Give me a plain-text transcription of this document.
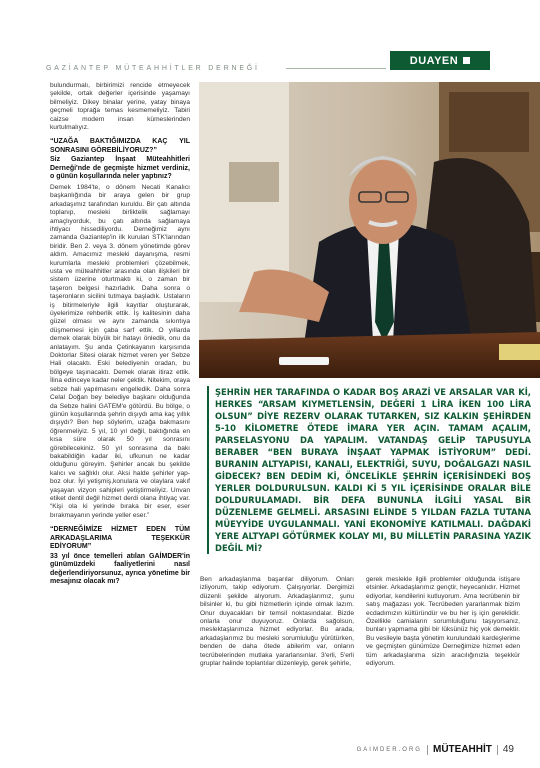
GAZİANTEP MÜTEAHHİTLER DERNEĞİ
DUAYEN

bulundurmalı, birbirimizi rencide etmeyecek şekilde, ortak değerler içerisinde yaşamayı bilmeliyiz. Dikey binalar yerine, yatay binaya geçmeli toprağa temas kesmemeliyiz. Tabiri caizse modern insan kümeslerinden kurtulmalıyız.

“UZAĞA BAKTIĞIMIZDA KAÇ YIL SONRASINI GÖREBİLİYORUZ?”
Siz Gaziantep İnşaat Müteahhitleri Derneği'nde de geçmişte hizmet verdiniz, o günün koşullarında neler yaptınız?

Demek 1984'te, o dönem Necati Kanalıcı başkanlığında bir araya gelen bir grup arkadaşımız tarafından kuruldu. Bir çatı altında toplanıp, mesleki birliktelik sağlamayı amaçlıyorduk, bu çatı altında sağlamaya ihtiyacı hissediliyordu. Derneğimiz aynı zamanda Gaziantep'in ilk kurulan STK'larından biridir. Ben 2. veya 3. dönem yönetimde görev aldım. Amacımız mesleki dayanışma, resmi kurumlarla mesleki problemleri çözebilmek, usta ve müteahhitler arasında olan ilişkileri bir sistem üzerine oturtmaktı ki, o zaman bir taşeron belgesi hazırladık. Daha sonra o taşeronların sicilini tutmaya başladık. Ustaların iş bitirmeleriyle ilgili kayıtlar oluşturarak, üyelerimize rehberlik ettik. İş kalitesinin daha güzel olması ve aynı zamanda sıkıntıya düşmemesi için çaba sarf ettik. O yıllarda demek olarak büyük bir hatayı önledik, onu da anlatayım. Şu anda Çetinkayanın karşısında Doktorlar Sitesi olarak hizmet veren yer Sebze Hali olacaktı. Eski belediyenin oradan, bu bölgeye taşınacaktı. Demek olarak itiraz ettik. İlina edinceye kadar neler çektik. Nitekim, oraya sebze hali yapılmasını engelledik. Daha sonra Celal Doğan bey belediye başkanı olduğunda da Sebze halini GATEM'e götürdü. Bu bölge, o günün koşullarında şehrin dışıydı ama kaç yıllık dışıydı? Ben hep söylerim, uzağa bakmasını öğrenmeliyiz. 5 yıl, 10 yıl değil, baktığında en kısa süre olarak 50 yıl sonrasını görebilecekiniz. 50 yıl sonrasına da bakı bakabildiğin kadar iki, ufkunun ne kadar olduğunu göreyim. Şehirler ancak bu şekilde kalıcı ve sağlıklı olur. Aksi halde şehirler yap-boz olur. İyi yetişmiş,konulara ve olaylara vakıf yaşayan vizyon sahipleri yetiştirmeliyiz. Unvan etiket dentil değil hizmet derdi olana ihtiyaç var. “Kişi ola ki yerinde bıraka bir eser, eser bırakmayanın yerinde yeller eser.”

“DERNEĞİMİZE HİZMET EDEN TÜM ARKADAŞLARIMA TEŞEKKÜR EDİYORUM”
33 yıl önce temelleri atılan GAİMDER'in günümüzdeki faaliyetlerini nasıl değerlendiriyorsunuz, ayrıca yönetime bir mesajınız olacak mı?
ŞEHRİN HER TARAFINDA O KADAR BOŞ ARAZİ VE ARSALAR VAR Kİ, HERKES “ARSAM KIYMETLENSİN, DEĞERİ 1 LİRA İKEN 100 LİRA OLSUN” DİYE REZERV OLARAK TUTARKEN, SIZ KALKIN ŞEHİRDEN 5-10 KİLOMETRE ÖTEDE İMARA YER AÇIN. TAMAM AÇALIM, PARSELASYONU DA YAPALIM. VATANDAŞ GELİP TAPUSUYLA BERABER “BEN BURAYA İNŞAAT YAPMAK İSTİYORUM” DEDİ. BURANIN ALTYAPISI, KANALI, ELEKTRİĞİ, SUYU, DOĞALGAZI NASIL GİDECEK? BEN DEDİM Kİ, ÖNCELİKLE ŞEHRİN İÇERİSİNDEKİ BOŞ YERLER DOLDURULSUN. KALDI Kİ 5 YIL İÇERİSİNDE ORALAR BİLE DOLDURULAMADI. BİR DEFA BUNUNLA İLGİLİ YASAL BİR DÜZENLEME GELMELİ. ARSASINI ELİNDE 5 YILDAN FAZLA TUTANA MÜEYYİDE UYGULANMALI. YANİ EKONOMİYE KATILMALI. DAĞDAKİ YERE ALTYAPI GÖTÜRMEK KOLAY MI, BU MİLLETİN PARASINA YAZIK DEĞİL Mİ?
Ben arkadaşlarıma başarılar diliyorum. Onları izliyorum, takip ediyorum. Çalışıyorlar. Dergimizi düzenli şekilde alıyorum. Arkadaşlarımız, şunu bilsinler ki, bu gibi hizmetlerin içinde olmak lazım. Onur duyacakları bir temsil noktasındalar. Bizde onlarla onur duyuyoruz. Onlarda sağolsun, meslektaşlarımıza hizmet ediyorlar. Bu arada, arkadaşlarımız bu mesleki sorumluluğu yürütürken, benden de daha ötede abilerim var, onların tecrübelerinden mutlaka yararlansınlar. 3'erli, 5'erli gruplar halinde toplantılar düzenleyip, gerek şehirle,
gerek meslekle ilgili problemler olduğunda istişare etsinler. Arkadaşlarımız gençtir, heyecanlıdır. Hizmet ediyorlar, kendilerini kutluyorum. Ama tecrübenin bir satış mağazası yok. Tecrübeden yararlanmak bizim ecdadımızın kültüründür ve bu her iş için gereklidir. Özellikle camiaların sorumluluğunu taşıyorsanız, bunları yapmama gibi bir lüksünüz hiç yok demektir. Bu vesileyle başta yönetim kurulundaki kardeşlerime ve geçmişten günümüze Derneğimize hizmet eden tüm arkadaşlarıma sizin aracılığınızla teşekkür ediyorum.
GAIMDER.ORG MÜTEAHHİT 49
